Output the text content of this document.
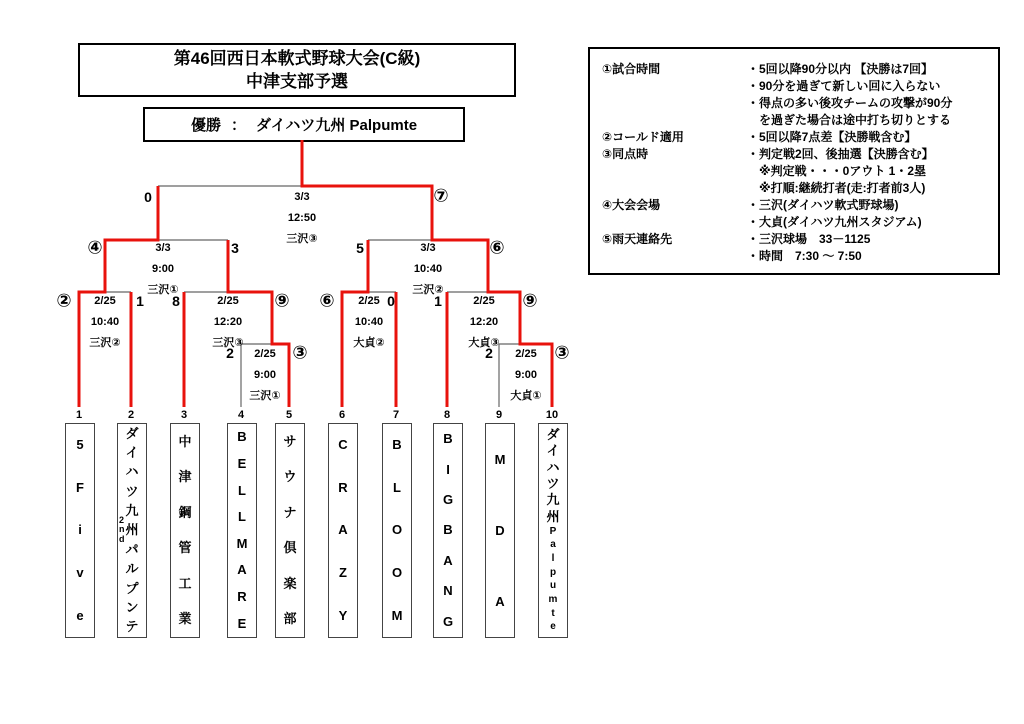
第46回西日本軟式野球大会(C級)
中津支部予選
優勝 ： ダイハツ九州 Palpumte
①試合時間	・5回以降90分以内 【決勝は7回】
・90分を過ぎて新しい回に入らない
・得点の多い後攻チームの攻撃が90分
　を過ぎた場合は途中打ち切りとする
②コールド適用	・5回以降7点差【決勝戦含む】
③同点時	・判定戦2回、後抽選【決勝含む】
　※判定戦・・・0アウト 1・2塁
　※打順:継続打者(走:打者前3人)
④大会会場	・三沢(ダイハツ軟式野球場)
・大貞(ダイハツ九州スタジアム)
⑤雨天連絡先	・三沢球場　33－1125
・時間　7:30 ～ 7:50
3/3
12:50
三沢③
3/3
9:00
三沢①
3/3
10:40
三沢②
2/25
10:40
三沢②
2/25
12:20
三沢③
2/25
10:40
大貞②
2/25
12:20
大貞③
2/25
9:00
三沢①
2/25
9:00
大貞①
0	⑦
④	3	5	⑥
②	1 8	⑨ ⑥	0	1	⑨
2	③	2	③
1
5
F
i
v
e
2
ダ
イ
ハ
ツ
九
州
パ
ル
プ
ン
テ
2
n
d
3
中
津
鋼
管
工
業
4
B
E
L
L
M
A
R
E
5
サ
ウ
ナ
倶
楽
部
6
C
R
A
Z
Y
7
B
L
O
O
M
8
B
I
G
B
A
N
G
9
M
D
A
10
ダ
イ
ハ
ツ
九
州
P
a
l
p
u
m
t
e
